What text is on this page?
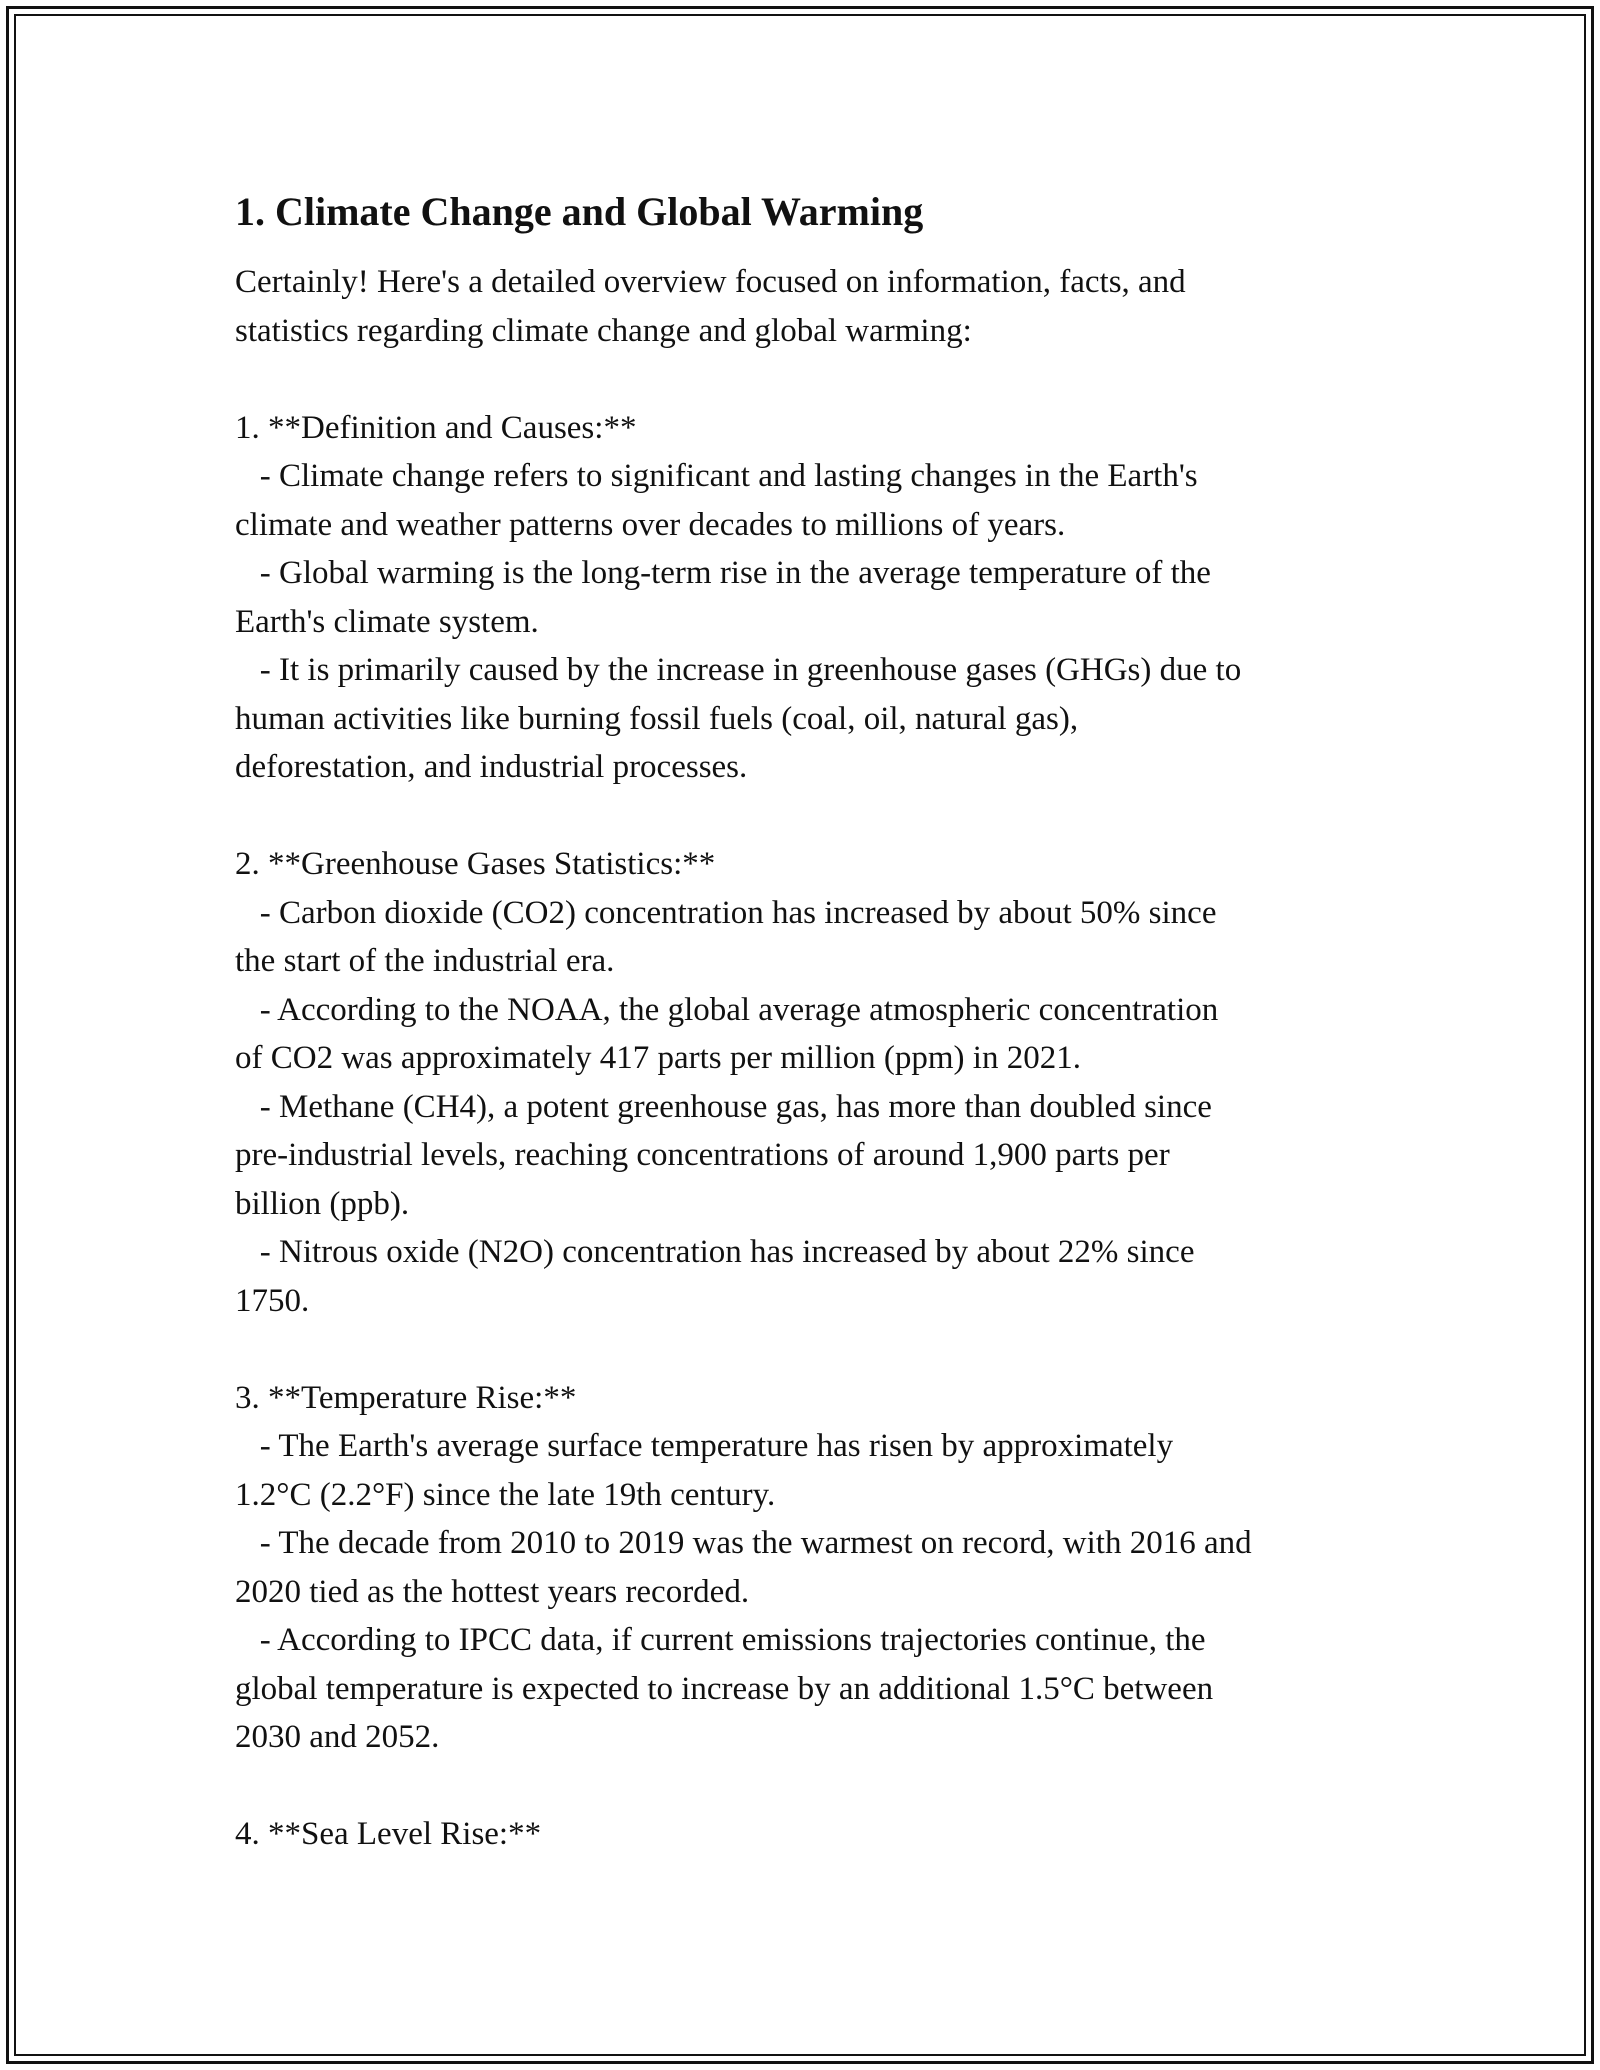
1. Climate Change and Global Warming

Certainly! Here's a detailed overview focused on information, facts, and
statistics regarding climate change and global warming:

1. **Definition and Causes:**
- Climate change refers to significant and lasting changes in the Earth's
climate and weather patterns over decades to millions of years.
- Global warming is the long-term rise in the average temperature of the
Earth's climate system.
- It is primarily caused by the increase in greenhouse gases (GHGs) due to
human activities like burning fossil fuels (coal, oil, natural gas),
deforestation, and industrial processes.

2. **Greenhouse Gases Statistics:**
- Carbon dioxide (CO2) concentration has increased by about 50% since
the start of the industrial era.
- According to the NOAA, the global average atmospheric concentration
of CO2 was approximately 417 parts per million (ppm) in 2021.
- Methane (CH4), a potent greenhouse gas, has more than doubled since
pre-industrial levels, reaching concentrations of around 1,900 parts per
billion (ppb).
- Nitrous oxide (N2O) concentration has increased by about 22% since
1750.

3. **Temperature Rise:**
- The Earth's average surface temperature has risen by approximately
1.2°C (2.2°F) since the late 19th century.
- The decade from 2010 to 2019 was the warmest on record, with 2016 and
2020 tied as the hottest years recorded.
- According to IPCC data, if current emissions trajectories continue, the
global temperature is expected to increase by an additional 1.5°C between
2030 and 2052.

4. **Sea Level Rise:**
